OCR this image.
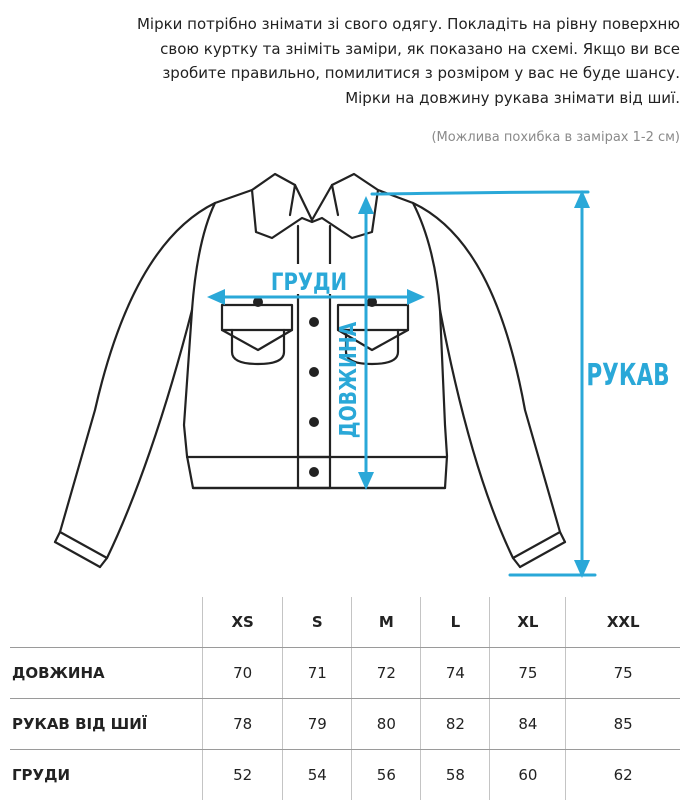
Мірки потрібно знімати зі свого одягу. Покладіть на рівну поверхню
свою куртку та зніміть заміри, як показано на схемі. Якщо ви все
зробите правильно, помилитися з розміром у вас не буде шансу.
Мірки на довжину рукава знімати від шиї.
(Можлива похибка в замірах 1-2 см)
ГРУДИ
ДОВЖИНА	РУКАВ
	XS	S	M	L	XL	XXL
ДОВЖИНА	70	71	72	74	75	75
РУКАВ ВІД ШИЇ	78	79	80	82	84	85
ГРУДИ	52	54	56	58	60	62
